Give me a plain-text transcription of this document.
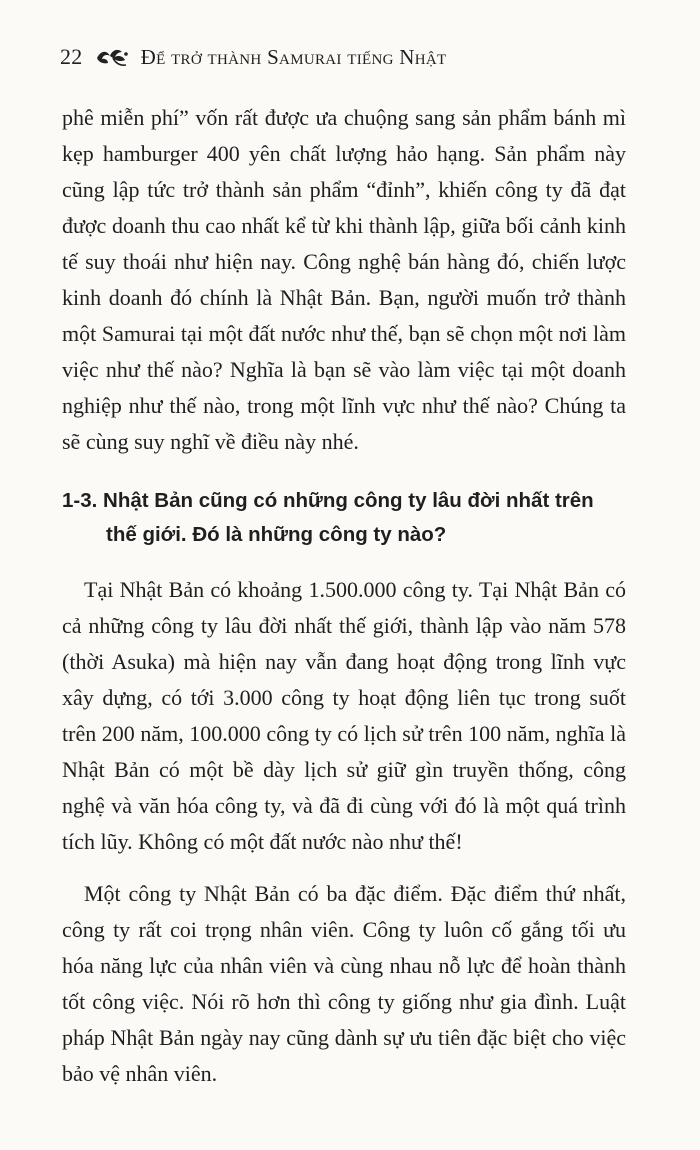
22	Để trở thành Samurai tiếng Nhật

phê miễn phí” vốn rất được ưa chuộng sang sản phẩm bánh mì kẹp hamburger 400 yên chất lượng hảo hạng. Sản phẩm này cũng lập tức trở thành sản phẩm “đỉnh”, khiến công ty đã đạt được doanh thu cao nhất kể từ khi thành lập, giữa bối cảnh kinh tế suy thoái như hiện nay. Công nghệ bán hàng đó, chiến lược kinh doanh đó chính là Nhật Bản. Bạn, người muốn trở thành một Samurai tại một đất nước như thế, bạn sẽ chọn một nơi làm việc như thế nào? Nghĩa là bạn sẽ vào làm việc tại một doanh nghiệp như thế nào, trong một lĩnh vực như thế nào? Chúng ta sẽ cùng suy nghĩ về điều này nhé.

1-3. Nhật Bản cũng có những công ty lâu đời nhất trên
thế giới. Đó là những công ty nào?

Tại Nhật Bản có khoảng 1.500.000 công ty. Tại Nhật Bản có cả những công ty lâu đời nhất thế giới, thành lập vào năm 578 (thời Asuka) mà hiện nay vẫn đang hoạt động trong lĩnh vực xây dựng, có tới 3.000 công ty hoạt động liên tục trong suốt trên 200 năm, 100.000 công ty có lịch sử trên 100 năm, nghĩa là Nhật Bản có một bề dày lịch sử giữ gìn truyền thống, công nghệ và văn hóa công ty, và đã đi cùng với đó là một quá trình tích lũy. Không có một đất nước nào như thế!

Một công ty Nhật Bản có ba đặc điểm. Đặc điểm thứ nhất, công ty rất coi trọng nhân viên. Công ty luôn cố gắng tối ưu hóa năng lực của nhân viên và cùng nhau nỗ lực để hoàn thành tốt công việc. Nói rõ hơn thì công ty giống như gia đình. Luật pháp Nhật Bản ngày nay cũng dành sự ưu tiên đặc biệt cho việc bảo vệ nhân viên.
